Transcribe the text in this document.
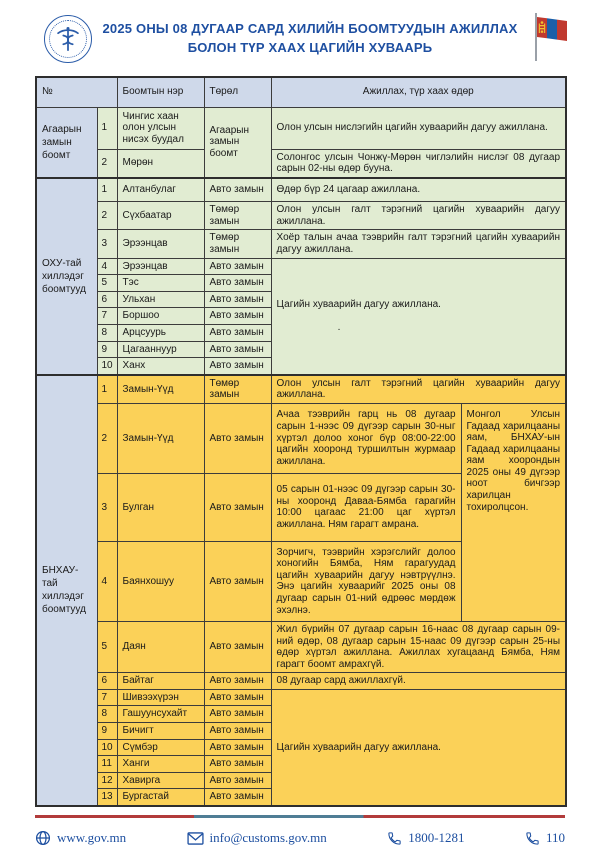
2025 ОНЫ 08 ДУГААР САРД ХИЛИЙН БООМТУУДЫН АЖИЛЛАХ
БОЛОН ТҮР ХААХ ЦАГИЙН ХУВААРЬ
№		Боомтын нэр	Төрөл	Ажиллах, түр хаах өдөр	
Агаарын замын боомт	1	Чингис хаан олон улсын нисэх буудал	Агаарын замын боомт	Олон улсын нислэгийн цагийн хуваарийн дагуу ажиллана.	
	2	Мөрөн		Солонгос улсын Чонжү-Мөрөн чиглэлийн нислэг 08 дугаар сарын 02-ны өдөр бууна.	
ОХУ-тай хиллэдэг боомтууд	1	Алтанбулаг	Авто замын	Өдөр бүр 24 цагаар ажиллана.	
	2	Сүхбаатар	Төмөр замын	Олон улсын галт тэрэгний цагийн хуваарийн дагуу ажиллана.	
	3	Эрээнцав	Төмөр замын	Хоёр талын ачаа тээврийн галт тэрэгний цагийн хуваарийн дагуу ажиллана.	
	4	Эрээнцав	Авто замын	Цагийн хуваарийн дагуу ажиллана.

.	
	5	Тэс	Авто замын		
	6	Ульхан	Авто замын		
	7	Боршоо	Авто замын		
	8	Арцсуурь	Авто замын		
	9	Цагааннуур	Авто замын		
	10	Ханх	Авто замын		
БНХАУ-тай хиллэдэг боомтууд	1	Замын-Үүд	Төмөр замын	Олон улсын галт тэрэгний цагийн хуваарийн дагуу ажиллана.	
	2	Замын-Үүд	Авто замын	Ачаа тээврийн гарц нь 08 дугаар сарын 1-нээс 09 дүгээр сарын 30-ныг хүртэл долоо хоног бүр 08:00-22:00 цагийн хооронд туршилтын журмаар ажиллана.	Монгол Улсын Гадаад харилцааны яам, БНХАУ-ын Гадаад харилцааны яам хоорондын 2025 оны 49 дүгээр ноот бичгээр харилцан тохиролцсон.
	3	Булган	Авто замын	05 сарын 01-нээс 09 дүгээр сарын 30-ны хооронд Даваа-Бямба гарагийн 10:00 цагаас 21:00 цаг хүртэл ажиллана. Ням гарагт амрана.	
	4	Баянхошуу	Авто замын	Зорчигч, тээврийн хэрэгслийг долоо хоногийн Бямба, Ням гарагуудад цагийн хуваарийн дагуу нэвтрүүлнэ. Энэ цагийн хуваарийг 2025 оны 08 дугаар сарын 01-ний өдрөөс мөрдөж эхэлнэ.	
	5	Даян	Авто замын	Жил бүрийн 07 дугаар сарын 16-наас 08 дугаар сарын 09-ний өдөр, 08 дугаар сарын 15-наас 09 дүгээр сарын 25-ны өдөр хүртэл ажиллана. Ажиллах хугацаанд Бямба, Ням гарагт боомт амрахгүй.	
	6	Байтаг	Авто замын	08 дугаар сард ажиллахгүй.	
	7	Шивээхүрэн	Авто замын	Цагийн хуваарийн дагуу ажиллана.	
	8	Гашуунсухайт	Авто замын		
	9	Бичигт	Авто замын		
	10	Сүмбэр	Авто замын		
	11	Ханги	Авто замын		
	12	Хавирга	Авто замын		
	13	Бургастай	Авто замын		
www.gov.mn	info@customs.gov.mn	1800-1281	110
